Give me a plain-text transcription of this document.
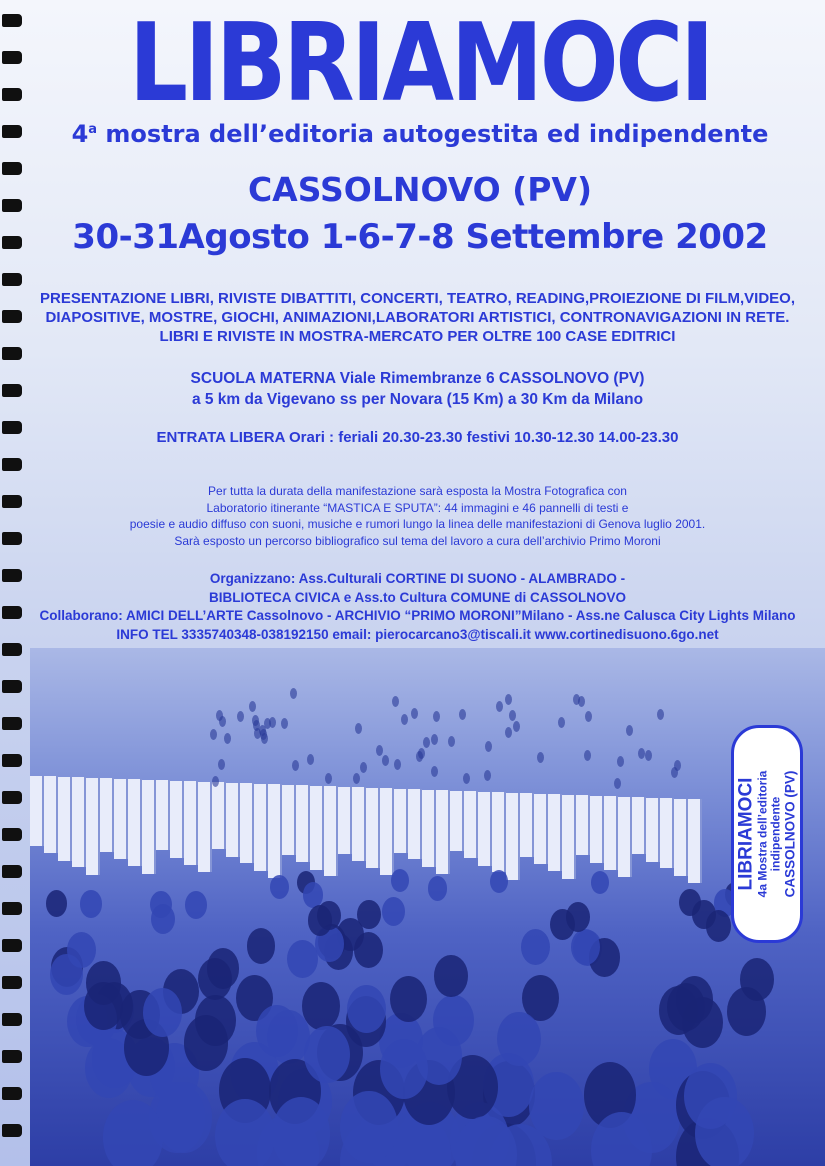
LIBRIAMOCI
4$^a$ mostra dell’editoria autogestita ed indipendente
CASSOLNOVO (PV)
30-31Agosto 1-6-7-8 Settembre 2002
PRESENTAZIONE LIBRI, RIVISTE DIBATTITI, CONCERTI, TEATRO, READING,PROIEZIONE DI FILM,VIDEO,
DIAPOSITIVE, MOSTRE, GIOCHI, ANIMAZIONI,LABORATORI ARTISTICI, CONTRONAVIGAZIONI IN RETE.
LIBRI E RIVISTE IN MOSTRA-MERCATO PER OLTRE 100 CASE EDITRICI
SCUOLA MATERNA Viale Rimembranze 6 CASSOLNOVO (PV)
a 5 km da Vigevano ss per Novara (15 Km) a 30 Km da Milano
ENTRATA LIBERA Orari : feriali 20.30-23.30 festivi 10.30-12.30 14.00-23.30
Per tutta la durata della manifestazione sarà esposta la Mostra Fotografica con
Laboratorio itinerante “MASTICA E SPUTA”: 44 immagini e 46 pannelli di testi e
poesie e audio diffuso con suoni, musiche e rumori lungo la linea delle manifestazioni di Genova luglio 2001.
Sarà esposto un percorso bibliografico sul tema del lavoro a cura dell’archivio Primo Moroni
Organizzano: Ass.Culturali CORTINE DI SUONO - ALAMBRADO -
BIBLIOTECA CIVICA e Ass.to Cultura COMUNE di CASSOLNOVO
Collaborano: AMICI DELL’ARTE Cassolnovo - ARCHIVIO “PRIMO MORONI”Milano - Ass.ne Calusca City Lights Milano
INFO TEL 3335740348-038192150 email: pierocarcano3@tiscali.it www.cortinedisuono.6go.net
LIBRIAMOCI 4a Mostra dell’editoria indipendente CASSOLNOVO (PV)
